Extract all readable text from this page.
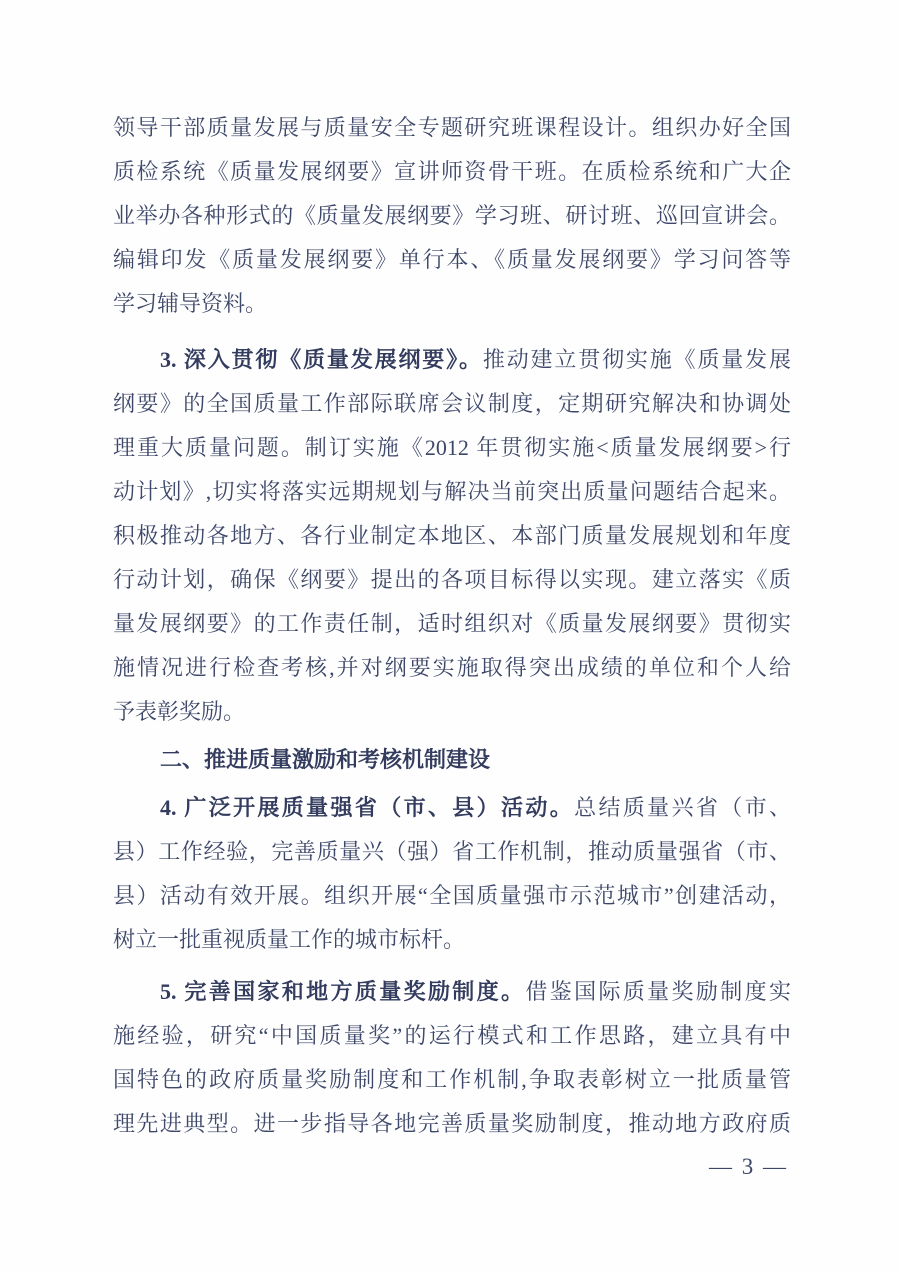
领导干部质量发展与质量安全专题研究班课程设计。组织办好全国
质检系统《质量发展纲要》宣讲师资骨干班。在质检系统和广大企
业举办各种形式的《质量发展纲要》学习班、研讨班、巡回宣讲会。
编辑印发《质量发展纲要》单行本、《质量发展纲要》学习问答等
学习辅导资料。
3. 深入贯彻《质量发展纲要》。推动建立贯彻实施《质量发展
纲要》的全国质量工作部际联席会议制度，定期研究解决和协调处
理重大质量问题。制订实施《2012 年贯彻实施<质量发展纲要>行
动计划》,切实将落实远期规划与解决当前突出质量问题结合起来。
积极推动各地方、各行业制定本地区、本部门质量发展规划和年度
行动计划，确保《纲要》提出的各项目标得以实现。建立落实《质
量发展纲要》的工作责任制，适时组织对《质量发展纲要》贯彻实
施情况进行检查考核,并对纲要实施取得突出成绩的单位和个人给
予表彰奖励。
二、推进质量激励和考核机制建设
4. 广泛开展质量强省（市、县）活动。总结质量兴省（市、
县）工作经验，完善质量兴（强）省工作机制，推动质量强省（市、
县）活动有效开展。组织开展“全国质量强市示范城市”创建活动，
树立一批重视质量工作的城市标杆。
5. 完善国家和地方质量奖励制度。借鉴国际质量奖励制度实
施经验，研究“中国质量奖”的运行模式和工作思路，建立具有中
国特色的政府质量奖励制度和工作机制,争取表彰树立一批质量管
理先进典型。进一步指导各地完善质量奖励制度，推动地方政府质
— 3 —
